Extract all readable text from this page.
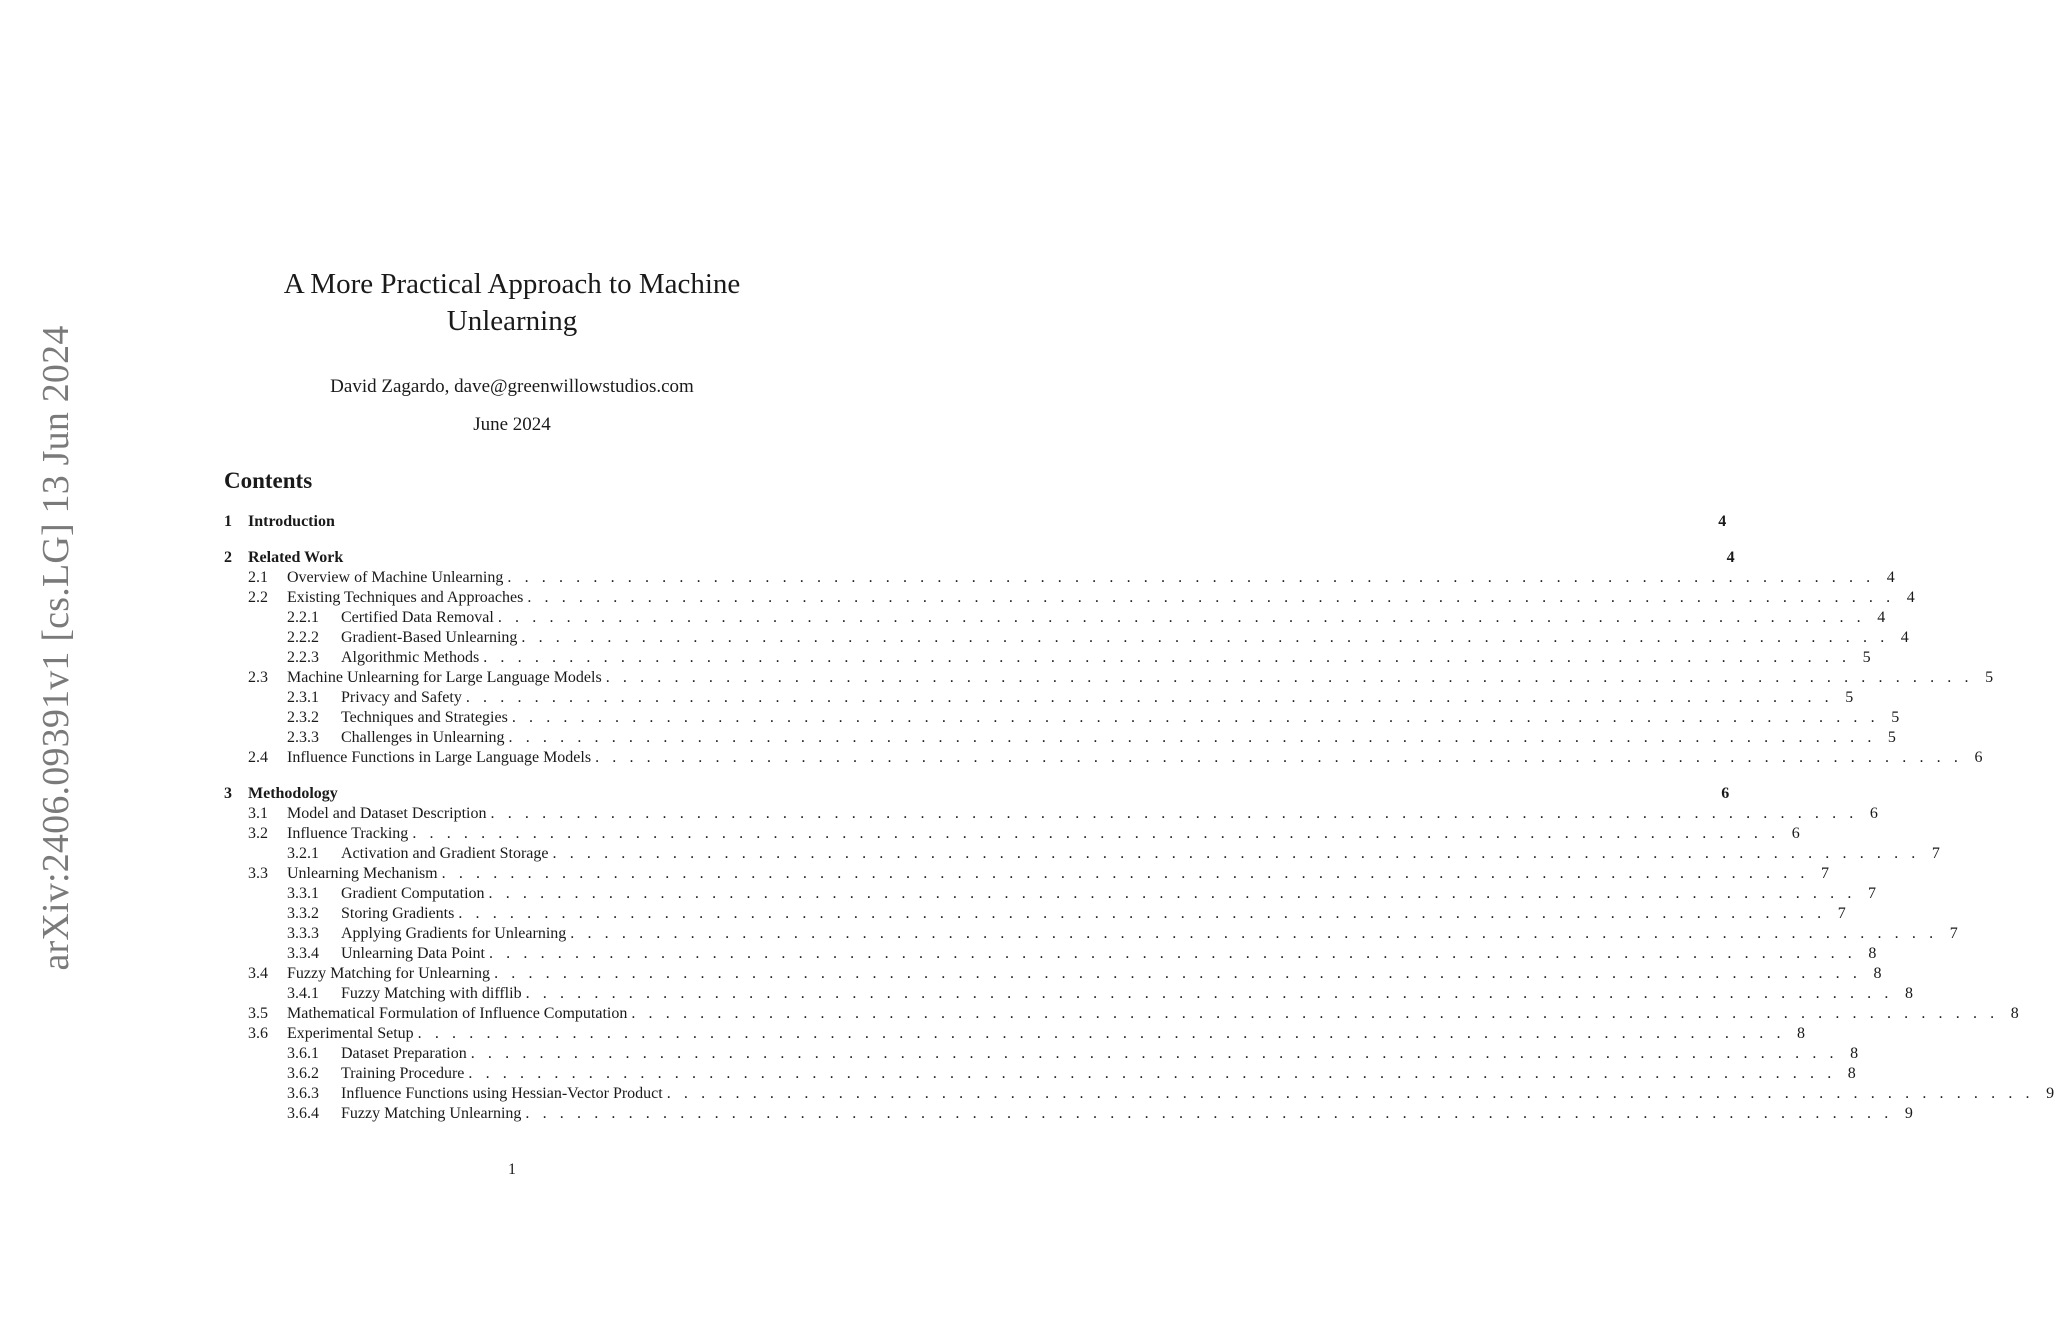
arXiv:2406.09391v1 [cs.LG] 13 Jun 2024
A More Practical Approach to Machine
Unlearning
David Zagardo, dave@greenwillowstudios.com
June 2024
Contents
1	Introduction	4
2	Related Work	4
2.1	Overview of Machine Unlearning . . . . . . . . . . . . . . . . . . . . . . . . . . . . . . . . . . . . . . . . . . . . . . . . . . . . . . . . . . . . . . . . . . . . . . . . . . . . . . . . 4
2.2	Existing Techniques and Approaches . . . . . . . . . . . . . . . . . . . . . . . . . . . . . . . . . . . . . . . . . . . . . . . . . . . . . . . . . . . . . . . . . . . . . . . . . . . . . . . . 4
2.2.1	Certified Data Removal . . . . . . . . . . . . . . . . . . . . . . . . . . . . . . . . . . . . . . . . . . . . . . . . . . . . . . . . . . . . . . . . . . . . . . . . . . . . . . . . 4
2.2.2	Gradient-Based Unlearning . . . . . . . . . . . . . . . . . . . . . . . . . . . . . . . . . . . . . . . . . . . . . . . . . . . . . . . . . . . . . . . . . . . . . . . . . . . . . . . . 4
2.2.3	Algorithmic Methods . . . . . . . . . . . . . . . . . . . . . . . . . . . . . . . . . . . . . . . . . . . . . . . . . . . . . . . . . . . . . . . . . . . . . . . . . . . . . . . . 5
2.3	Machine Unlearning for Large Language Models . . . . . . . . . . . . . . . . . . . . . . . . . . . . . . . . . . . . . . . . . . . . . . . . . . . . . . . . . . . . . . . . . . . . . . . . . . . . . . . . 5
2.3.1	Privacy and Safety . . . . . . . . . . . . . . . . . . . . . . . . . . . . . . . . . . . . . . . . . . . . . . . . . . . . . . . . . . . . . . . . . . . . . . . . . . . . . . . . 5
2.3.2	Techniques and Strategies . . . . . . . . . . . . . . . . . . . . . . . . . . . . . . . . . . . . . . . . . . . . . . . . . . . . . . . . . . . . . . . . . . . . . . . . . . . . . . . . 5
2.3.3	Challenges in Unlearning . . . . . . . . . . . . . . . . . . . . . . . . . . . . . . . . . . . . . . . . . . . . . . . . . . . . . . . . . . . . . . . . . . . . . . . . . . . . . . . . 5
2.4	Influence Functions in Large Language Models . . . . . . . . . . . . . . . . . . . . . . . . . . . . . . . . . . . . . . . . . . . . . . . . . . . . . . . . . . . . . . . . . . . . . . . . . . . . . . . . 6
3	Methodology	6
3.1	Model and Dataset Description . . . . . . . . . . . . . . . . . . . . . . . . . . . . . . . . . . . . . . . . . . . . . . . . . . . . . . . . . . . . . . . . . . . . . . . . . . . . . . . . 6
3.2	Influence Tracking . . . . . . . . . . . . . . . . . . . . . . . . . . . . . . . . . . . . . . . . . . . . . . . . . . . . . . . . . . . . . . . . . . . . . . . . . . . . . . . . 6
3.2.1	Activation and Gradient Storage . . . . . . . . . . . . . . . . . . . . . . . . . . . . . . . . . . . . . . . . . . . . . . . . . . . . . . . . . . . . . . . . . . . . . . . . . . . . . . . . 7
3.3	Unlearning Mechanism . . . . . . . . . . . . . . . . . . . . . . . . . . . . . . . . . . . . . . . . . . . . . . . . . . . . . . . . . . . . . . . . . . . . . . . . . . . . . . . . 7
3.3.1	Gradient Computation . . . . . . . . . . . . . . . . . . . . . . . . . . . . . . . . . . . . . . . . . . . . . . . . . . . . . . . . . . . . . . . . . . . . . . . . . . . . . . . . 7
3.3.2	Storing Gradients . . . . . . . . . . . . . . . . . . . . . . . . . . . . . . . . . . . . . . . . . . . . . . . . . . . . . . . . . . . . . . . . . . . . . . . . . . . . . . . . 7
3.3.3	Applying Gradients for Unlearning . . . . . . . . . . . . . . . . . . . . . . . . . . . . . . . . . . . . . . . . . . . . . . . . . . . . . . . . . . . . . . . . . . . . . . . . . . . . . . . . 7
3.3.4	Unlearning Data Point . . . . . . . . . . . . . . . . . . . . . . . . . . . . . . . . . . . . . . . . . . . . . . . . . . . . . . . . . . . . . . . . . . . . . . . . . . . . . . . . 8
3.4	Fuzzy Matching for Unlearning . . . . . . . . . . . . . . . . . . . . . . . . . . . . . . . . . . . . . . . . . . . . . . . . . . . . . . . . . . . . . . . . . . . . . . . . . . . . . . . . 8
3.4.1	Fuzzy Matching with difflib . . . . . . . . . . . . . . . . . . . . . . . . . . . . . . . . . . . . . . . . . . . . . . . . . . . . . . . . . . . . . . . . . . . . . . . . . . . . . . . . 8
3.5	Mathematical Formulation of Influence Computation . . . . . . . . . . . . . . . . . . . . . . . . . . . . . . . . . . . . . . . . . . . . . . . . . . . . . . . . . . . . . . . . . . . . . . . . . . . . . . . . 8
3.6	Experimental Setup . . . . . . . . . . . . . . . . . . . . . . . . . . . . . . . . . . . . . . . . . . . . . . . . . . . . . . . . . . . . . . . . . . . . . . . . . . . . . . . . 8
3.6.1	Dataset Preparation . . . . . . . . . . . . . . . . . . . . . . . . . . . . . . . . . . . . . . . . . . . . . . . . . . . . . . . . . . . . . . . . . . . . . . . . . . . . . . . . 8
3.6.2	Training Procedure . . . . . . . . . . . . . . . . . . . . . . . . . . . . . . . . . . . . . . . . . . . . . . . . . . . . . . . . . . . . . . . . . . . . . . . . . . . . . . . . 8
3.6.3	Influence Functions using Hessian-Vector Product . . . . . . . . . . . . . . . . . . . . . . . . . . . . . . . . . . . . . . . . . . . . . . . . . . . . . . . . . . . . . . . . . . . . . . . . . . . . . . . . 9
3.6.4	Fuzzy Matching Unlearning . . . . . . . . . . . . . . . . . . . . . . . . . . . . . . . . . . . . . . . . . . . . . . . . . . . . . . . . . . . . . . . . . . . . . . . . . . . . . . . . 9
1
